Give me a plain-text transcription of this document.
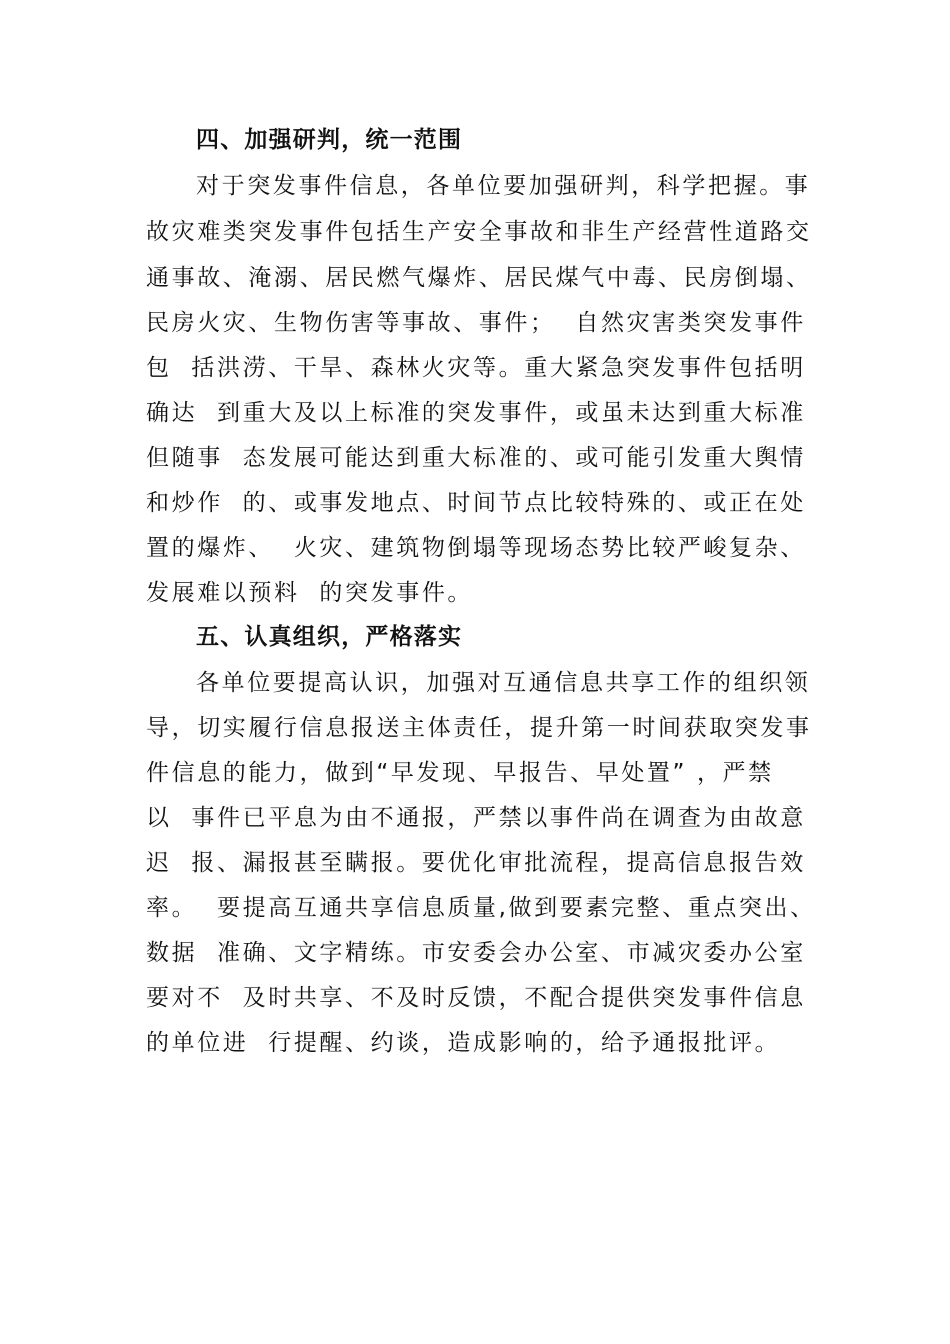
四、加强研判，统一范围
对于突发事件信息，各单位要加强研判，科学把握。事
故灾难类突发事件包括生产安全事故和非生产经营性道路交
通事故、淹溺、居民燃气爆炸、居民煤气中毒、民房倒塌、
民房火灾、生物伤害等事故、事件；  自然灾害类突发事件
包  括洪涝、干旱、森林火灾等。重大紧急突发事件包括明
确达  到重大及以上标准的突发事件，或虽未达到重大标准
但随事  态发展可能达到重大标准的、或可能引发重大舆情
和炒作  的、或事发地点、时间节点比较特殊的、或正在处
置的爆炸、  火灾、建筑物倒塌等现场态势比较严峻复杂、
发展难以预料  的突发事件。
五、认真组织，严格落实
各单位要提高认识，加强对互通信息共享工作的组织领
导，切实履行信息报送主体责任，提升第一时间获取突发事
件信息的能力，做到“早发现、早报告、早处置” ，严禁
以  事件已平息为由不通报，严禁以事件尚在调查为由故意
迟  报、漏报甚至瞒报。要优化审批流程，提高信息报告效
率。  要提高互通共享信息质量,做到要素完整、重点突出、
数据  准确、文字精练。市安委会办公室、市减灾委办公室
要对不  及时共享、不及时反馈，不配合提供突发事件信息
的单位进  行提醒、约谈，造成影响的，给予通报批评。
